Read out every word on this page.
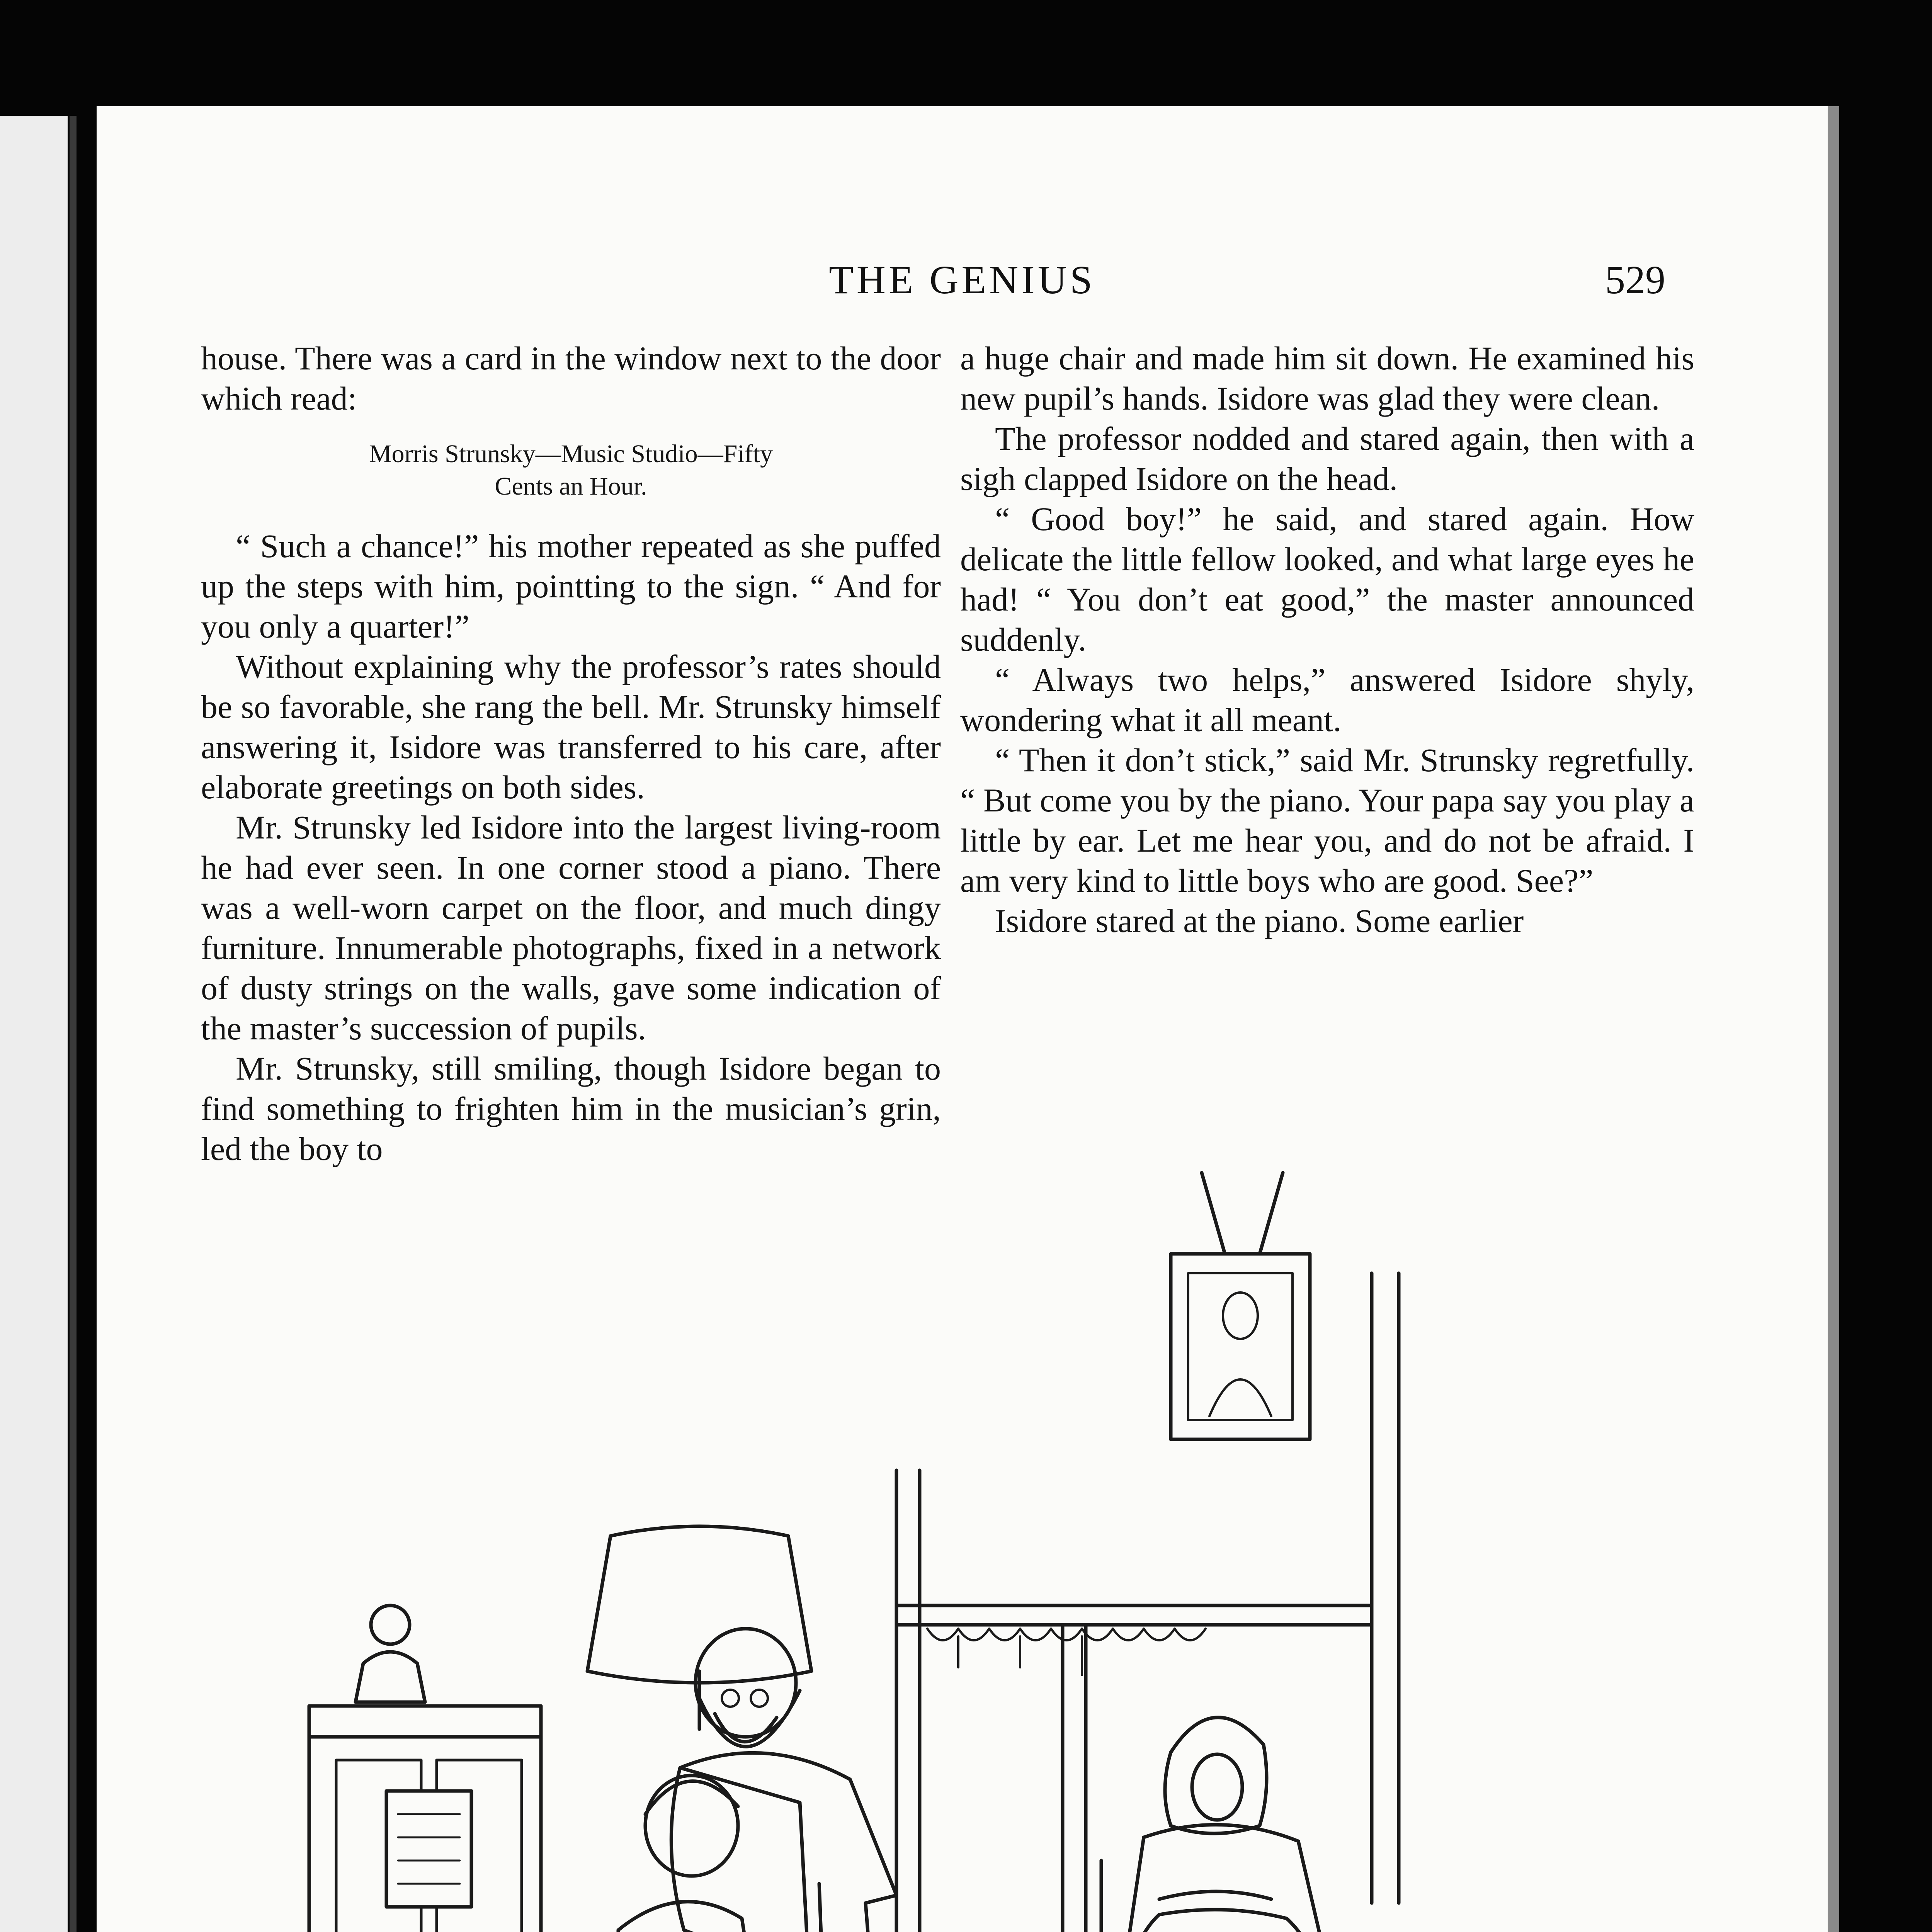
THE GENIUS	529

house. There was a card in the window next to the door which read:

Morris Strunsky—Music Studio—Fifty
Cents an Hour.

“ Such a chance!” his mother repeated as she puffed up the steps with him, pointting to the sign. “ And for you only a quarter!”

Without explaining why the professor’s rates should be so favorable, she rang the bell. Mr. Strunsky himself answering it, Isidore was transferred to his care, after elaborate greetings on both sides.

Mr. Strunsky led Isidore into the largest living-room he had ever seen. In one corner stood a piano. There was a well-worn carpet on the floor, and much dingy furniture. Innumerable photographs, fixed in a network of dusty strings on the walls, gave some indication of the master’s succession of pupils.

Mr. Strunsky, still smiling, though Isidore began to find something to frighten him in the musician’s grin, led the boy to

a huge chair and made him sit down. He examined his new pupil’s hands. Isidore was glad they were clean.

The professor nodded and stared again, then with a sigh clapped Isidore on the head.

“ Good boy!” he said, and stared again. How delicate the little fellow looked, and what large eyes he had! “ You don’t eat good,” the master announced suddenly.

“ Always two helps,” answered Isidore shyly, wondering what it all meant.

“ Then it don’t stick,” said Mr. Strunsky regretfully. “ But come you by the piano. Your papa say you play a little by ear. Let me hear you, and do not be afraid. I am very kind to little boys who are good. See?”

Isidore stared at the piano. Some earlier
